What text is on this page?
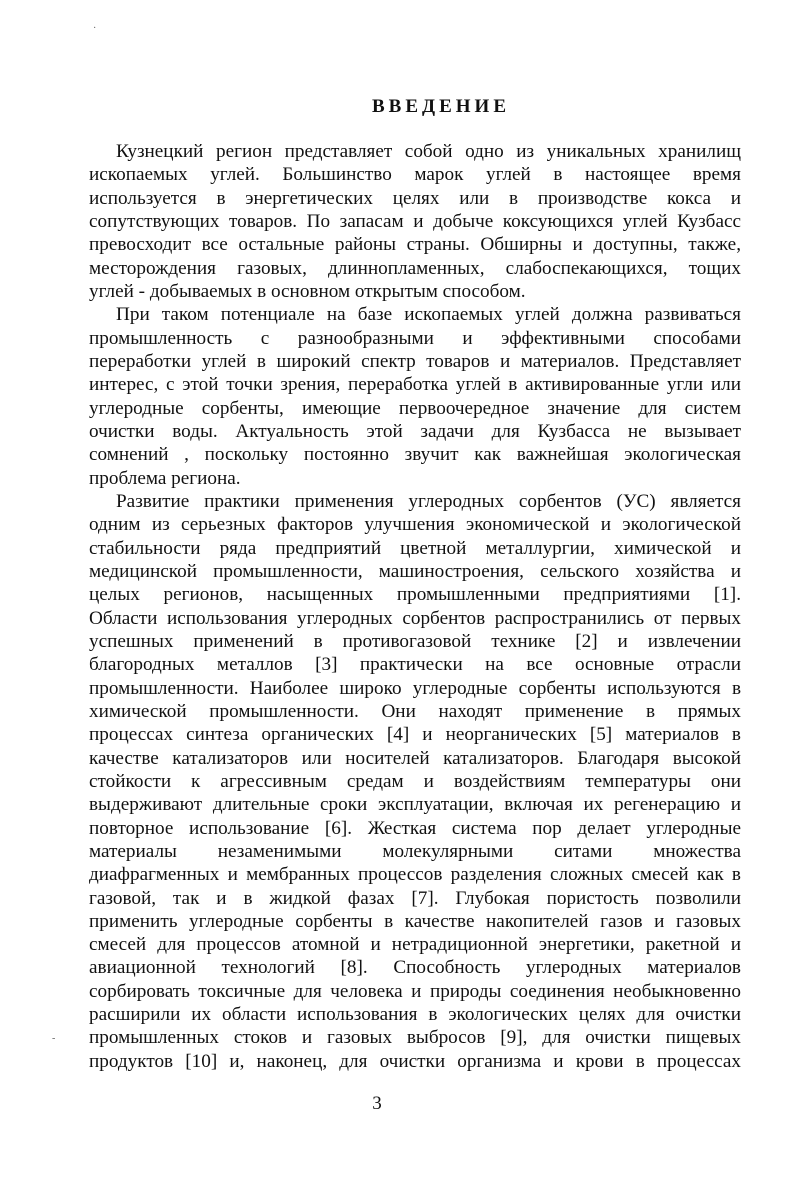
·
-
ВВЕДЕНИЕ
Кузнецкий регион представляет собой одно из уникальных хранилищ
ископаемых углей. Большинство марок углей в настоящее время
используется в энергетических целях или в производстве кокса и
сопутствующих товаров. По запасам и добыче коксующихся углей Кузбасс
превосходит все остальные районы страны. Обширны и доступны, также,
месторождения газовых, длиннопламенных, слабоспекающихся, тощих
углей - добываемых в основном открытым способом.
При таком потенциале на базе ископаемых углей должна развиваться
промышленность с разнообразными и эффективными способами
переработки углей в широкий спектр товаров и материалов. Представляет
интерес, с этой точки зрения, переработка углей в активированные угли или
углеродные сорбенты, имеющие первоочередное значение для систем
очистки воды. Актуальность этой задачи для Кузбасса не вызывает
сомнений , поскольку постоянно звучит как важнейшая экологическая
проблема региона.
Развитие практики применения углеродных сорбентов (УС) является
одним из серьезных факторов улучшения экономической и экологической
стабильности ряда предприятий цветной металлургии, химической и
медицинской промышленности, машиностроения, сельского хозяйства и
целых регионов, насыщенных промышленными предприятиями [1].
Области использования углеродных сорбентов распространились от первых
успешных применений в противогазовой технике [2] и извлечении
благородных металлов [3] практически на все основные отрасли
промышленности. Наиболее широко углеродные сорбенты используются в
химической промышленности. Они находят применение в прямых
процессах синтеза органических [4] и неорганических [5] материалов в
качестве катализаторов или носителей катализаторов. Благодаря высокой
стойкости к агрессивным средам и воздействиям температуры они
выдерживают длительные сроки эксплуатации, включая их регенерацию и
повторное использование [6]. Жесткая система пор делает углеродные
материалы незаменимыми молекулярными ситами множества
диафрагменных и мембранных процессов разделения сложных смесей как в
газовой, так и в жидкой фазах [7]. Глубокая пористость позволили
применить углеродные сорбенты в качестве накопителей газов и газовых
смесей для процессов атомной и нетрадиционной энергетики, ракетной и
авиационной технологий [8]. Способность углеродных материалов
сорбировать токсичные для человека и природы соединения необыкновенно
расширили их области использования в экологических целях для очистки
промышленных стоков и газовых выбросов [9], для очистки пищевых
продуктов [10] и, наконец, для очистки организма и крови в процессах
3
